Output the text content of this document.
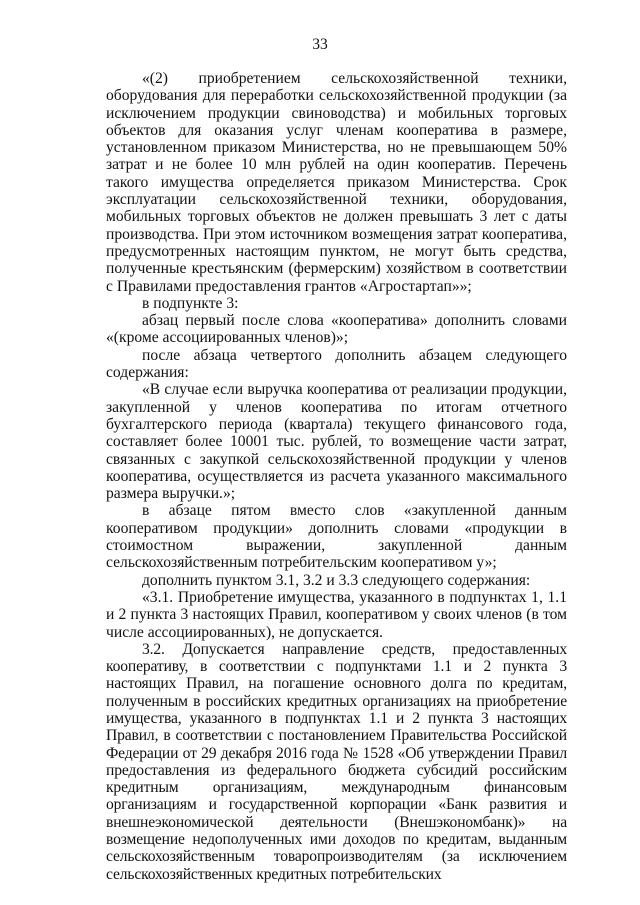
33

«(2) приобретением сельскохозяйственной техники, оборудования для переработки сельскохозяйственной продукции (за исключением продукции свиноводства) и мобильных торговых объектов для оказания услуг членам кооператива в размере, установленном приказом Министерства, но не превышающем 50% затрат и не более 10 млн рублей на один кооператив. Перечень такого имущества определяется приказом Министерства. Срок эксплуатации сельскохозяйственной техники, оборудования, мобильных торговых объектов не должен превышать 3 лет с даты производства. При этом источником возмещения затрат кооператива, предусмотренных настоящим пунктом, не могут быть средства, полученные крестьянским (фермерским) хозяйством в соответствии с Правилами предоставления грантов «Агростартап»»;

в подпункте 3:

абзац первый после слова «кооператива» дополнить словами «(кроме ассоциированных членов)»;

после абзаца четвертого дополнить абзацем следующего содержания:

«В случае если выручка кооператива от реализации продукции, закупленной у членов кооператива по итогам отчетного бухгалтерского периода (квартала) текущего финансового года, составляет более 10001 тыс. рублей, то возмещение части затрат, связанных с закупкой сельскохозяйственной продукции у членов кооператива, осуществляется из расчета указанного максимального размера выручки.»;

в абзаце пятом вместо слов «закупленной данным кооперативом продукции» дополнить словами «продукции в стоимостном выражении, закупленной данным сельскохозяйственным потребительским кооперативом у»;

дополнить пунктом 3.1, 3.2 и 3.3 следующего содержания:

«3.1. Приобретение имущества, указанного в подпунктах 1, 1.1 и 2 пункта 3 настоящих Правил, кооперативом у своих членов (в том числе ассоциированных), не допускается.

3.2. Допускается направление средств, предоставленных кооперативу, в соответствии с подпунктами 1.1 и 2 пункта 3 настоящих Правил, на погашение основного долга по кредитам, полученным в российских кредитных организациях на приобретение имущества, указанного в подпунктах 1.1 и 2 пункта 3 настоящих Правил, в соответствии с постановлением Правительства Российской Федерации от 29 декабря 2016 года № 1528 «Об утверждении Правил предоставления из федерального бюджета субсидий российским кредитным организациям, международным финансовым организациям и государственной корпорации «Банк развития и внешнеэкономической деятельности (Внешэкономбанк)» на возмещение недополученных ими доходов по кредитам, выданным сельскохозяйственным товаропроизводителям (за исключением сельскохозяйственных кредитных потребительских
